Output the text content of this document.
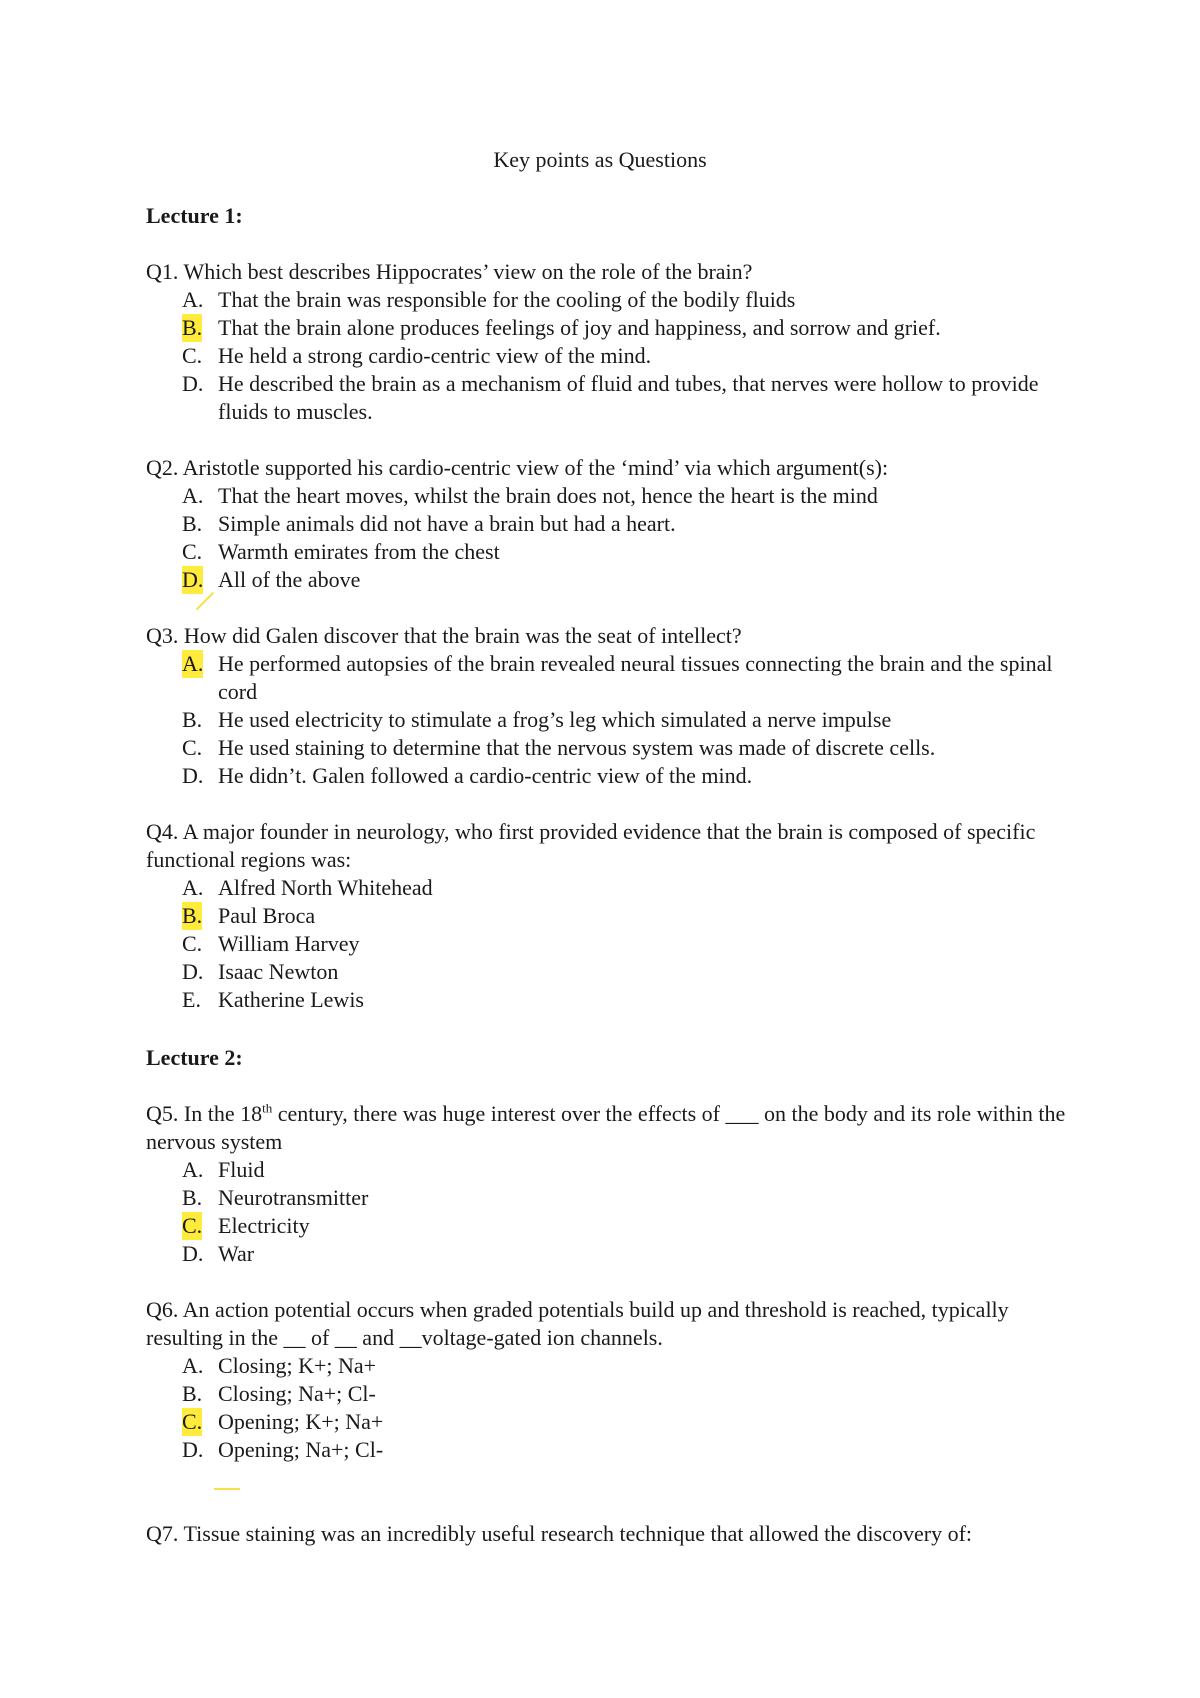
Key points as Questions
Lecture 1:

Q1. Which best describes Hippocrates’ view on the role of the brain?

A. That the brain was responsible for the cooling of the bodily fluids
B. That the brain alone produces feelings of joy and happiness, and sorrow and grief.
C. He held a strong cardio-centric view of the mind.
D. He described the brain as a mechanism of fluid and tubes, that nerves were hollow to provide fluids to muscles.

Q2. Aristotle supported his cardio-centric view of the ‘mind’ via which argument(s):

A. That the heart moves, whilst the brain does not, hence the heart is the mind
B. Simple animals did not have a brain but had a heart.
C. Warmth emirates from the chest
D. All of the above

Q3. How did Galen discover that the brain was the seat of intellect?

A. He performed autopsies of the brain revealed neural tissues connecting the brain and the spinal cord
B. He used electricity to stimulate a frog’s leg which simulated a nerve impulse
C. He used staining to determine that the nervous system was made of discrete cells.
D. He didn’t. Galen followed a cardio-centric view of the mind.

Q4. A major founder in neurology, who first provided evidence that the brain is composed of specific functional regions was:

A. Alfred North Whitehead
B. Paul Broca
C. William Harvey
D. Isaac Newton
E. Katherine Lewis
Lecture 2:

Q5. In the 18th century, there was huge interest over the effects of ___ on the body and its role within the nervous system

A. Fluid
B. Neurotransmitter
C. Electricity
D. War

Q6. An action potential occurs when graded potentials build up and threshold is reached, typically resulting in the __ of __ and __voltage-gated ion channels.

A. Closing; K+; Na+
B. Closing; Na+; Cl-
C. Opening; K+; Na+
D. Opening; Na+; Cl-

Q7. Tissue staining was an incredibly useful research technique that allowed the discovery of:
